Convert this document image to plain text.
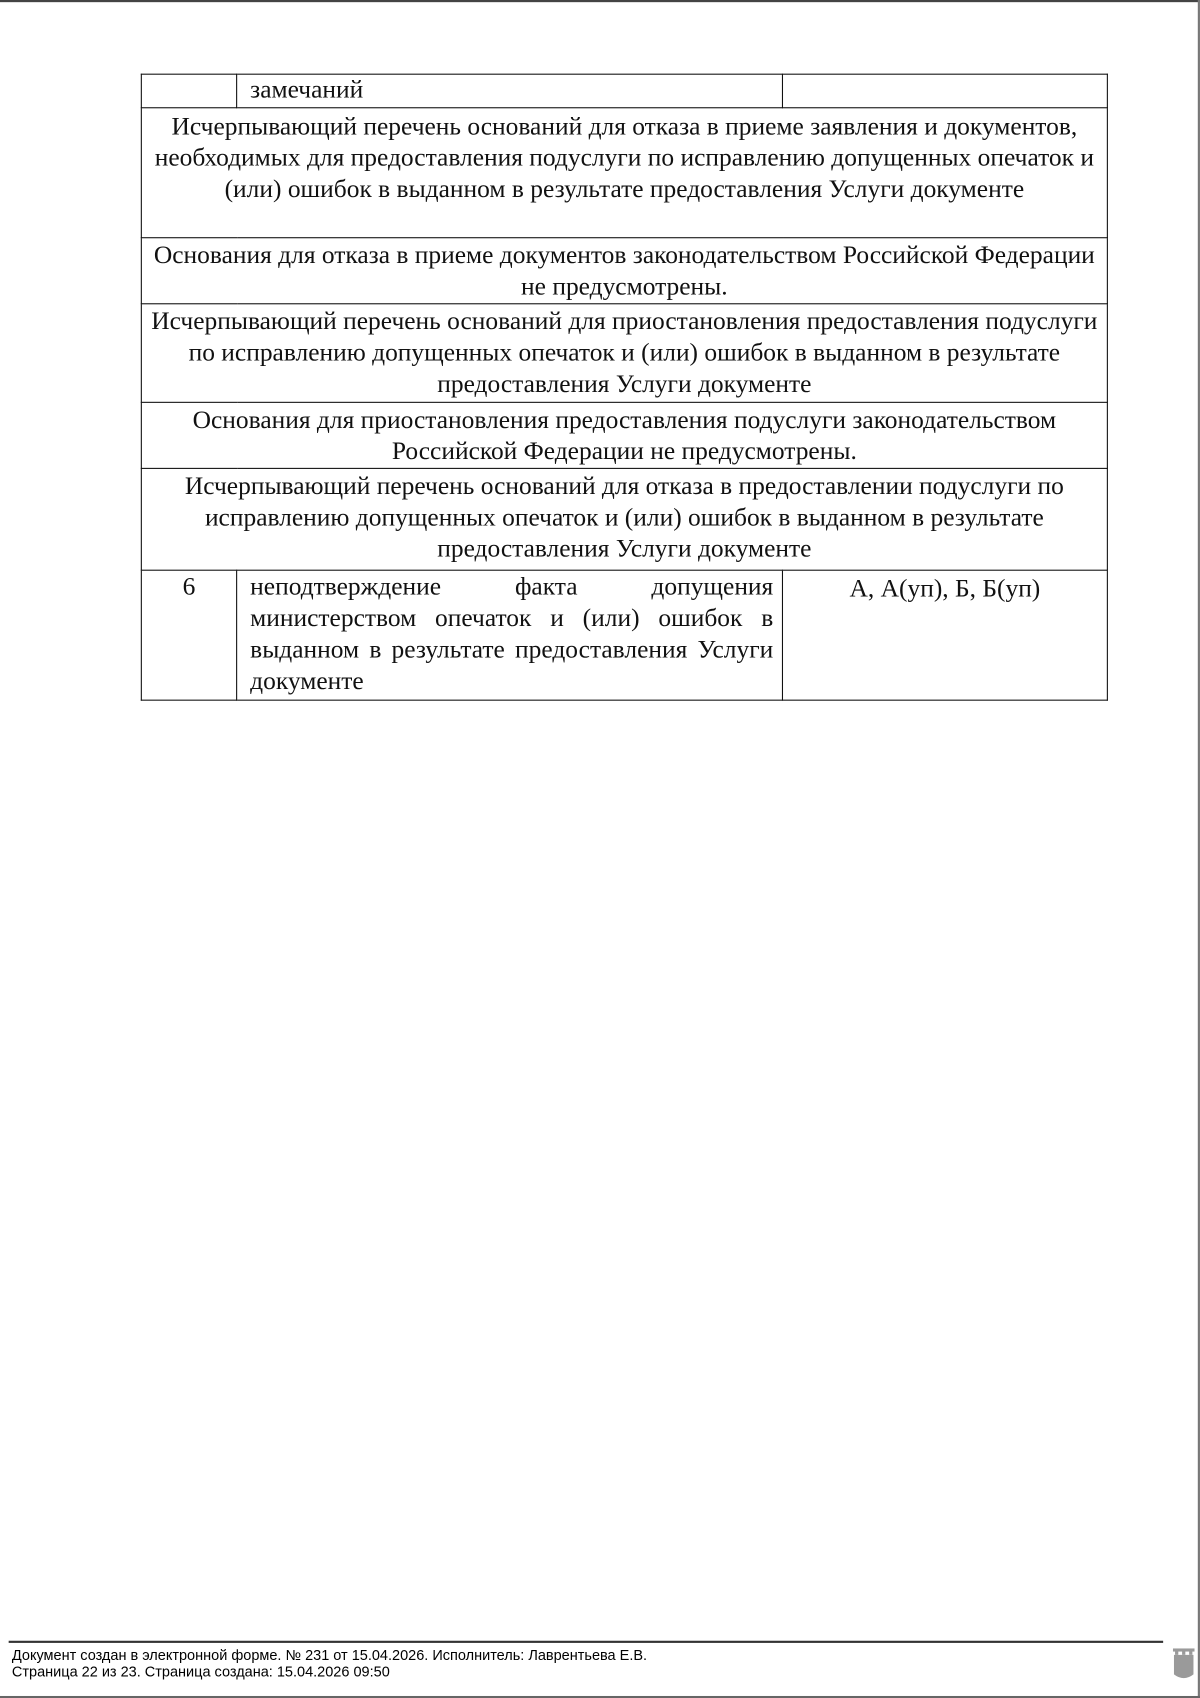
	замечаний	
Исчерпывающий перечень оснований для отказа в приеме заявления и документов, необходимых для предоставления подуслуги по исправлению допущенных опечаток и (или) ошибок в выданном в результате предоставления Услуги документе		
Основания для отказа в приеме документов законодательством Российской Федерации не предусмотрены.		
Исчерпывающий перечень оснований для приостановления предоставления подуслуги по исправлению допущенных опечаток и (или) ошибок в выданном в результате предоставления Услуги документе		
Основания для приостановления предоставления подуслуги законодательством Российской Федерации не предусмотрены.		
Исчерпывающий перечень оснований для отказа в предоставлении подуслуги по исправлению допущенных опечаток и (или) ошибок в выданном в результате предоставления Услуги документе		
6	неподтверждение факта допущения министерством опечаток и (или) ошибок в выданном в результате предоставления Услуги документе	А, А(уп), Б, Б(уп)
Документ создан в электронной форме. № 231 от 15.04.2026. Исполнитель: Лаврентьева Е.В.
Страница 22 из 23. Страница создана: 15.04.2026 09:50
